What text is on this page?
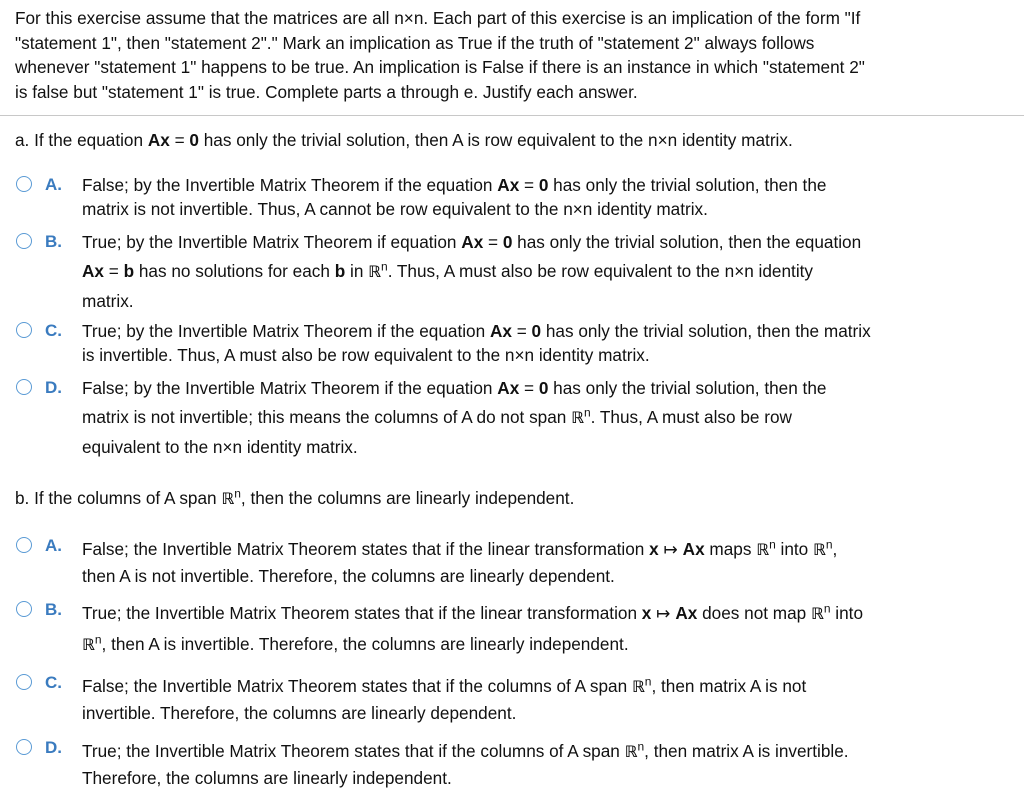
For this exercise assume that the matrices are all n×n. Each part of this exercise is an implication of the form "If
"statement 1", then "statement 2"." Mark an implication as True if the truth of "statement 2" always follows
whenever "statement 1" happens to be true. An implication is False if there is an instance in which "statement 2"
is false but "statement 1" is true. Complete parts a through e. Justify each answer.
a. If the equation Ax = 0 has only the trivial solution, then A is row equivalent to the n×n identity matrix.
A. False; by the Invertible Matrix Theorem if the equation Ax = 0 has only the trivial solution, then the
matrix is not invertible. Thus, A cannot be row equivalent to the n×n identity matrix.
B. True; by the Invertible Matrix Theorem if equation Ax = 0 has only the trivial solution, then the equation
Ax = b has no solutions for each b in ℝ$^n$. Thus, A must also be row equivalent to the n×n identity
matrix.
C. True; by the Invertible Matrix Theorem if the equation Ax = 0 has only the trivial solution, then the matrix
is invertible. Thus, A must also be row equivalent to the n×n identity matrix.
D. False; by the Invertible Matrix Theorem if the equation Ax = 0 has only the trivial solution, then the
matrix is not invertible; this means the columns of A do not span ℝ$^n$. Thus, A must also be row
equivalent to the n×n identity matrix.
b. If the columns of A span ℝ$^n$, then the columns are linearly independent.
A. False; the Invertible Matrix Theorem states that if the linear transformation x ↦ Ax maps ℝ$^n$ into ℝ$^n$,
then A is not invertible. Therefore, the columns are linearly dependent.
B. True; the Invertible Matrix Theorem states that if the linear transformation x ↦ Ax does not map ℝ$^n$ into
ℝ$^n$, then A is invertible. Therefore, the columns are linearly independent.
C. False; the Invertible Matrix Theorem states that if the columns of A span ℝ$^n$, then matrix A is not
invertible. Therefore, the columns are linearly dependent.
D. True; the Invertible Matrix Theorem states that if the columns of A span ℝ$^n$, then matrix A is invertible.
Therefore, the columns are linearly independent.
